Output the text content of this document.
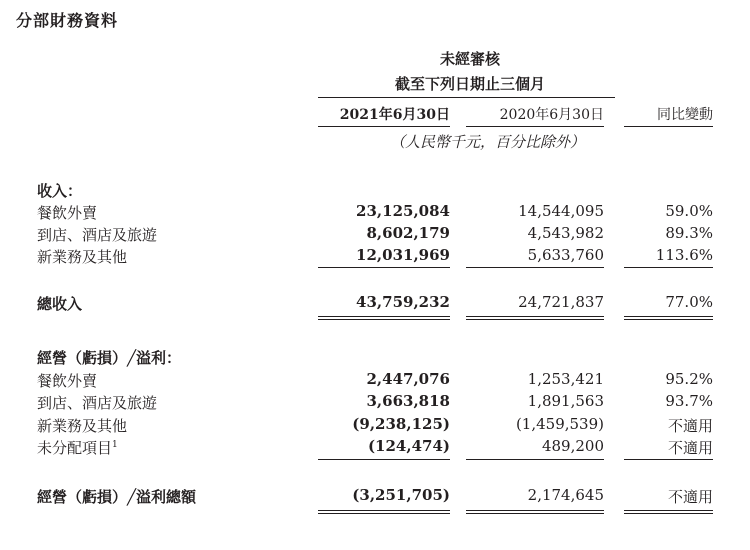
分部財務資料
未經審核
截至下列日期止三個月
2021年6月30日	2020年6月30日	同比變動
（人民幣千元，百分比除外）
收入：
餐飲外賣	23,125,084	14,544,095	59.0%
到店、酒店及旅遊	8,602,179	4,543,982	89.3%
新業務及其他	12,031,969	5,633,760	113.6%
總收入	43,759,232	24,721,837	77.0%
經營（虧損）╱溢利：
餐飲外賣	2,447,076	1,253,421	95.2%
到店、酒店及旅遊	3,663,818	1,891,563	93.7%
新業務及其他	(9,238,125)	(1,459,539)	不適用
未分配項目$^1$	(124,474)	489,200	不適用
經營（虧損）╱溢利總額	(3,251,705)	2,174,645	不適用
